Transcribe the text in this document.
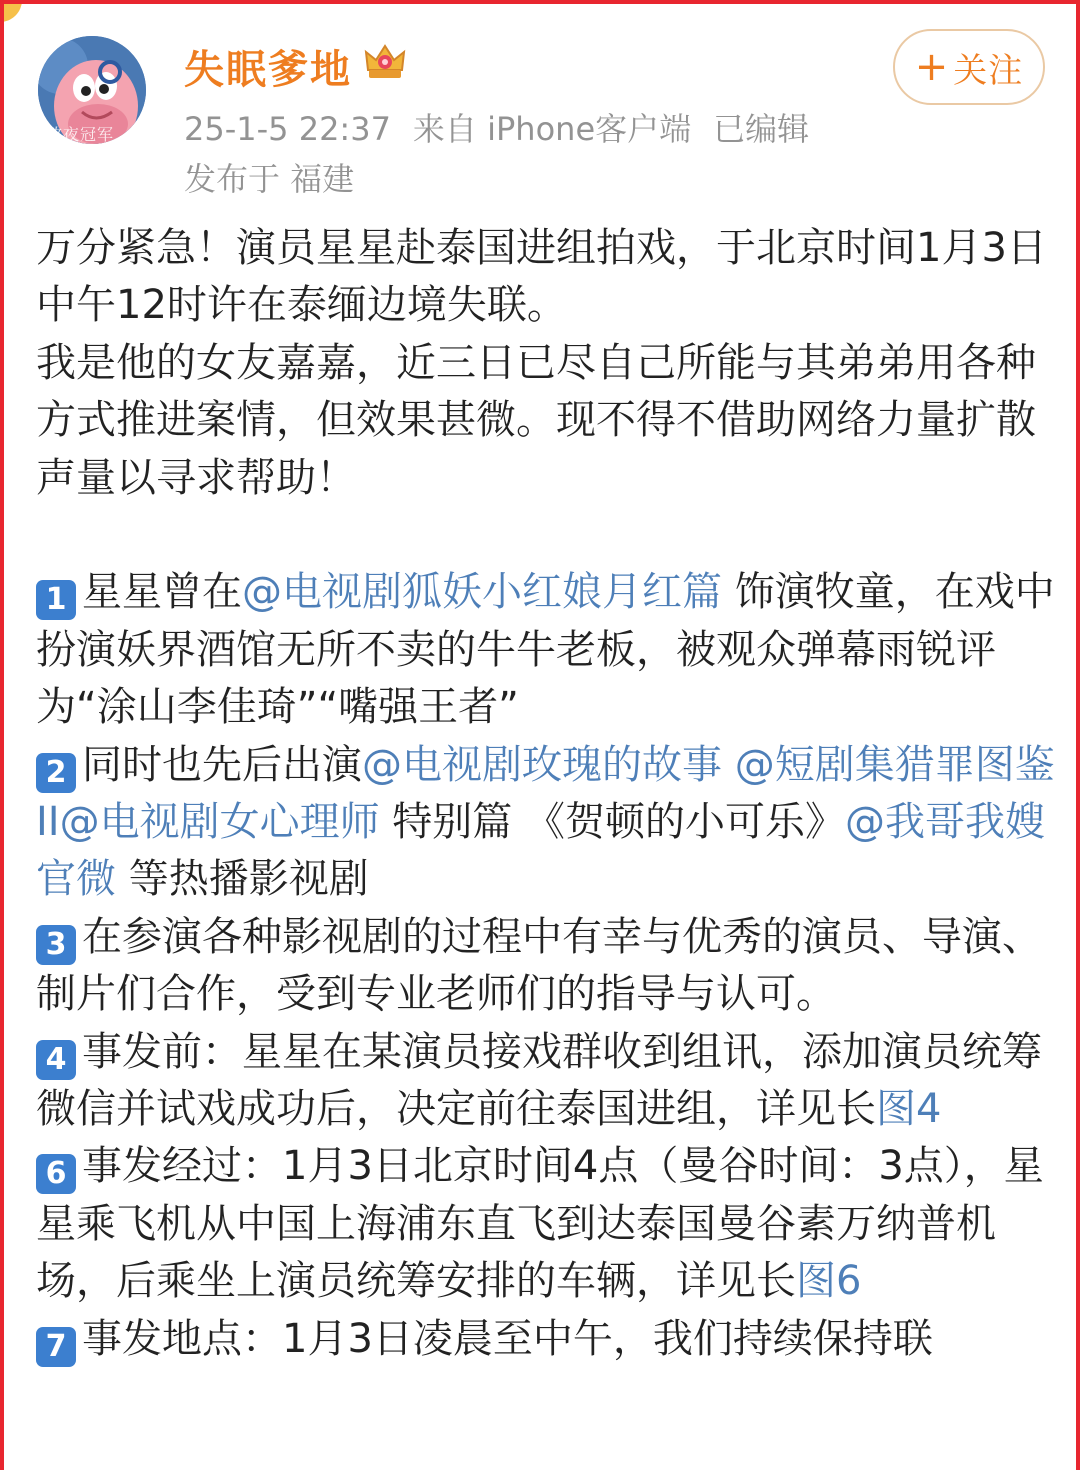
熬夜冠军
失眠爹地	+ 关注
25-1-5 22:37 来自 iPhone客户端 已编辑
发布于 福建

万分紧急！演员星星赴泰国进组拍戏，于北京时间1月3日中午12时许在泰缅边境失联。

我是他的女友嘉嘉，近三日已尽自己所能与其弟弟用各种方式推进案情，但效果甚微。现不得不借助网络力量扩散声量以寻求帮助！

1 星星曾在@电视剧狐妖小红娘月红篇 饰演牧童，在戏中扮演妖界酒馆无所不卖的牛牛老板，被观众弹幕雨锐评为“涂山李佳琦”“嘴强王者”

2 同时也先后出演@电视剧玫瑰的故事 @短剧集猎罪图鉴 II@电视剧女心理师 特别篇 《贺顿的小可乐》@我哥我嫂官微 等热播影视剧

3 在参演各种影视剧的过程中有幸与优秀的演员、导演、制片们合作，受到专业老师们的指导与认可。

4 事发前：星星在某演员接戏群收到组讯，添加演员统筹微信并试戏成功后，决定前往泰国进组，详见长图4

6 事发经过：1月3日北京时间4点（曼谷时间：3点），星星乘飞机从中国上海浦东直飞到达泰国曼谷素万纳普机场，后乘坐上演员统筹安排的车辆，详见长图6

7 事发地点：1月3日凌晨至中午，我们持续保持联
